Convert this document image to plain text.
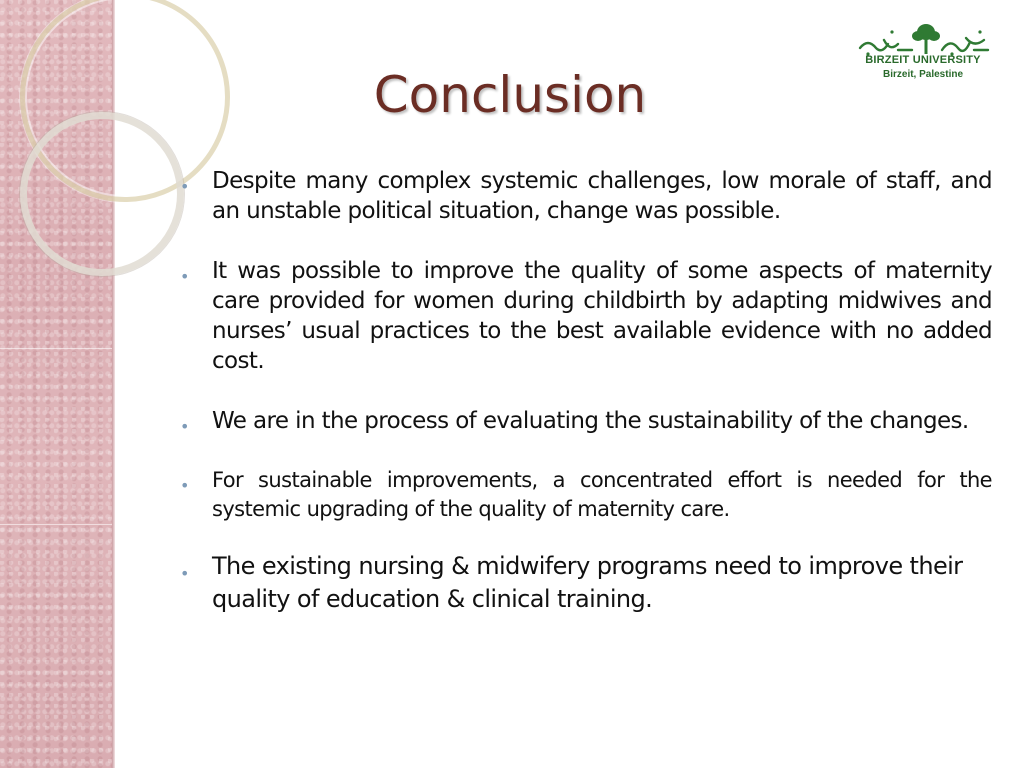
BIRZEIT UNIVERSITY
Birzeit, Palestine
Conclusion
• Despite many complex systemic challenges, low morale of staff, and an unstable political situation, change was possible.
• It was possible to improve the quality of some aspects of maternity care provided for women during childbirth by adapting midwives and nurses’ usual practices to the best available evidence with no added cost.
• We are in the process of evaluating the sustainability of the changes.
• For sustainable improvements, a concentrated effort is needed for the systemic upgrading of the quality of maternity care.
• The existing nursing & midwifery programs need to improve their quality of education & clinical training.
